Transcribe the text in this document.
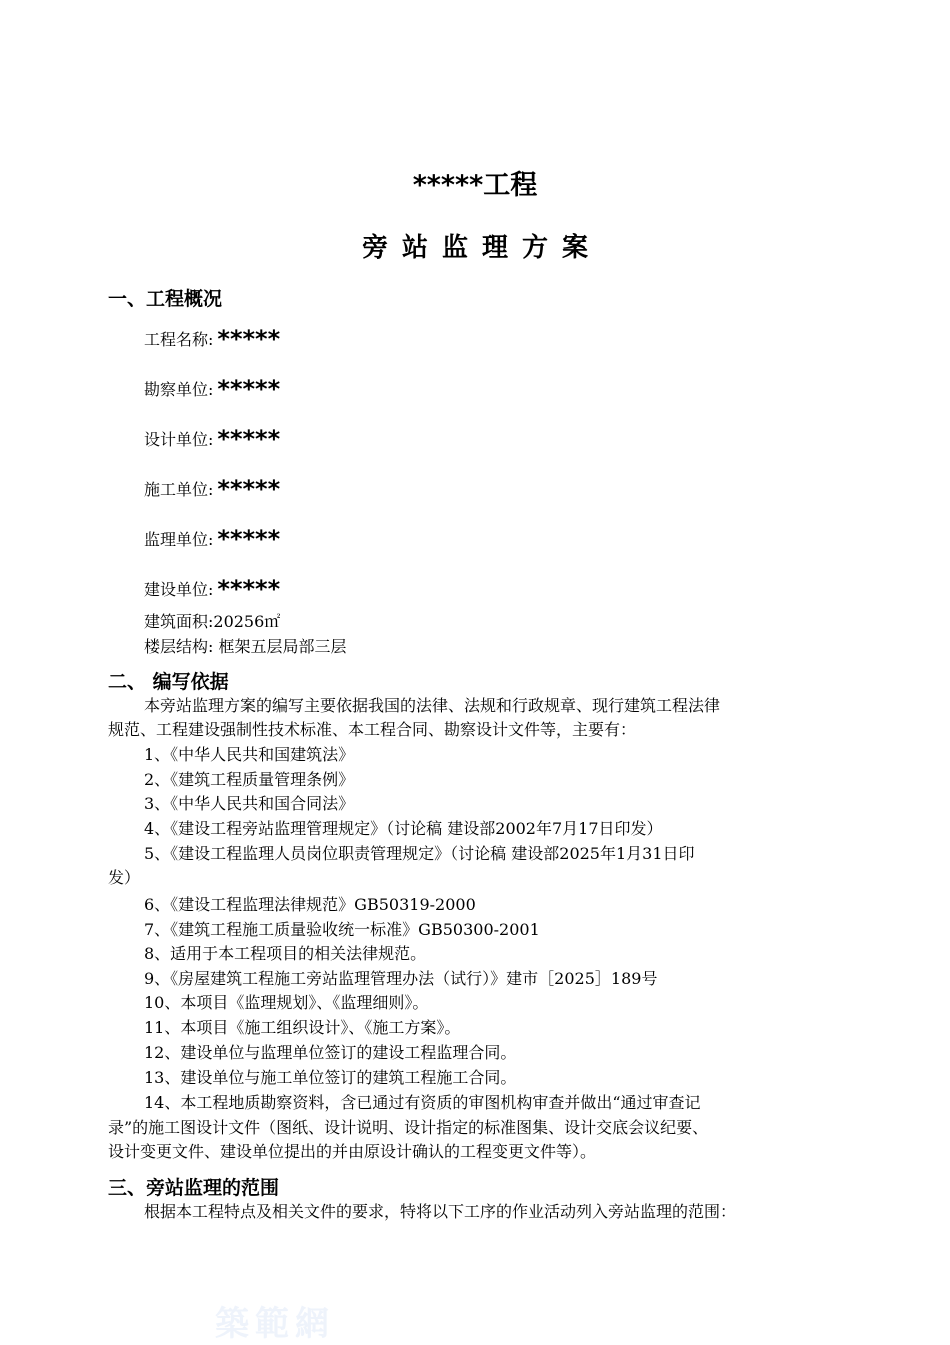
*****工程
旁站监理方案
一、工程概况
工程名称: *****
勘察单位: *****
设计单位: *****
施工单位: *****
监理单位: *****
建设单位: *****
建筑面积:20256㎡
楼层结构: 框架五层局部三层
二、 编写依据
本旁站监理方案的编写主要依据我国的法律、法规和行政规章、现行建筑工程法律
规范、工程建设强制性技术标准、本工程合同、勘察设计文件等，主要有：
1、《中华人民共和国建筑法》
2、《建筑工程质量管理条例》
3、《中华人民共和国合同法》
4、《建设工程旁站监理管理规定》（讨论稿 建设部2002年7月17日印发）
5、《建设工程监理人员岗位职责管理规定》（讨论稿 建设部2025年1月31日印
发）
6、《建设工程监理法律规范》GB50319-2000
7、《建筑工程施工质量验收统一标准》GB50300-2001
8、适用于本工程项目的相关法律规范。
9、《房屋建筑工程施工旁站监理管理办法（试行）》建市［2025］189号
10、本项目《监理规划》、《监理细则》。
11、本项目《施工组织设计》、《施工方案》。
12、建设单位与监理单位签订的建设工程监理合同。
13、建设单位与施工单位签订的建筑工程施工合同。
14、本工程地质勘察资料，含已通过有资质的审图机构审查并做出“通过审查记
录”的施工图设计文件（图纸、设计说明、设计指定的标准图集、设计交底会议纪要、
设计变更文件、建设单位提出的并由原设计确认的工程变更文件等）。
三、旁站监理的范围
根据本工程特点及相关文件的要求，特将以下工序的作业活动列入旁站监理的范围：
築範網
